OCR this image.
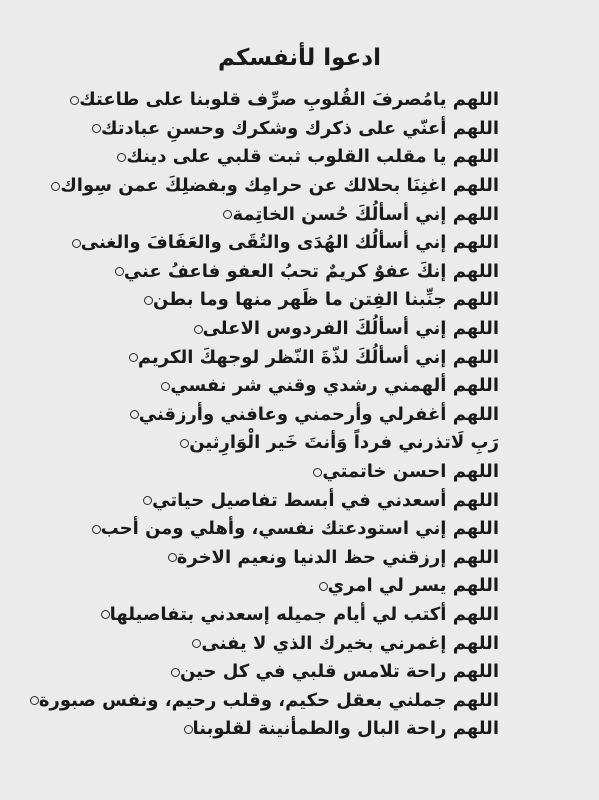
ادعوا لأنفسكم
اللهم يامُصرفَ القُلوبِ صرِّف قلوبنا على طاعتك
اللهم أعنّي على ذكرك وشكرك وحسنِ عبادتك
اللهم يا مقلب القلوب ثبت قلبي على دينك
اللهم اغنِنَا بحلالك عن حرامِك وبفضلِكَ عمن سِواك
اللهم إني أسألُكَ حُسن الخاتِمة
اللهم إني أسألُك الهُدَى والتُقَى والعَفَافَ والغنى
اللهم إنكَ عفوٌ كريمٌ تحبُ العفو فاعفُ عني
اللهم جنِّبنا الفِتن ما ظَهر منها وما بطن
اللهم إني أسألُكَ الفردوس الاعلى
اللهم إني أسألُكَ لذّةَ النّظر لوجهكَ الكريم
اللهم ألهمني رشدي وقني شر نفسي
اللهم أغفرلي وأرحمني وعافني وأرزقني
رَبِ لَاتذرني فرداً وَأنتَ خَير الْوَارِثين
اللهم احسن خاتمتي
اللهم أسعدني في أبسط تفاصيل حياتي
اللهم إني استودعتك نفسي، وأهلي ومن أحب
اللهم إرزقني حظ الدنيا ونعيم الاخرة
اللهم يسر لي امري
اللهم أكتب لي أيام جميله إسعدني بتفاصيلها
اللهم إغمرني بخيرك الذي لا يفنى
اللهم راحة تلامس قلبي في كل حين
اللهم جملني بعقل حكيم، وقلب رحيم، ونفس صبورة
اللهم راحة البال والطمأنينة لقلوبنا
